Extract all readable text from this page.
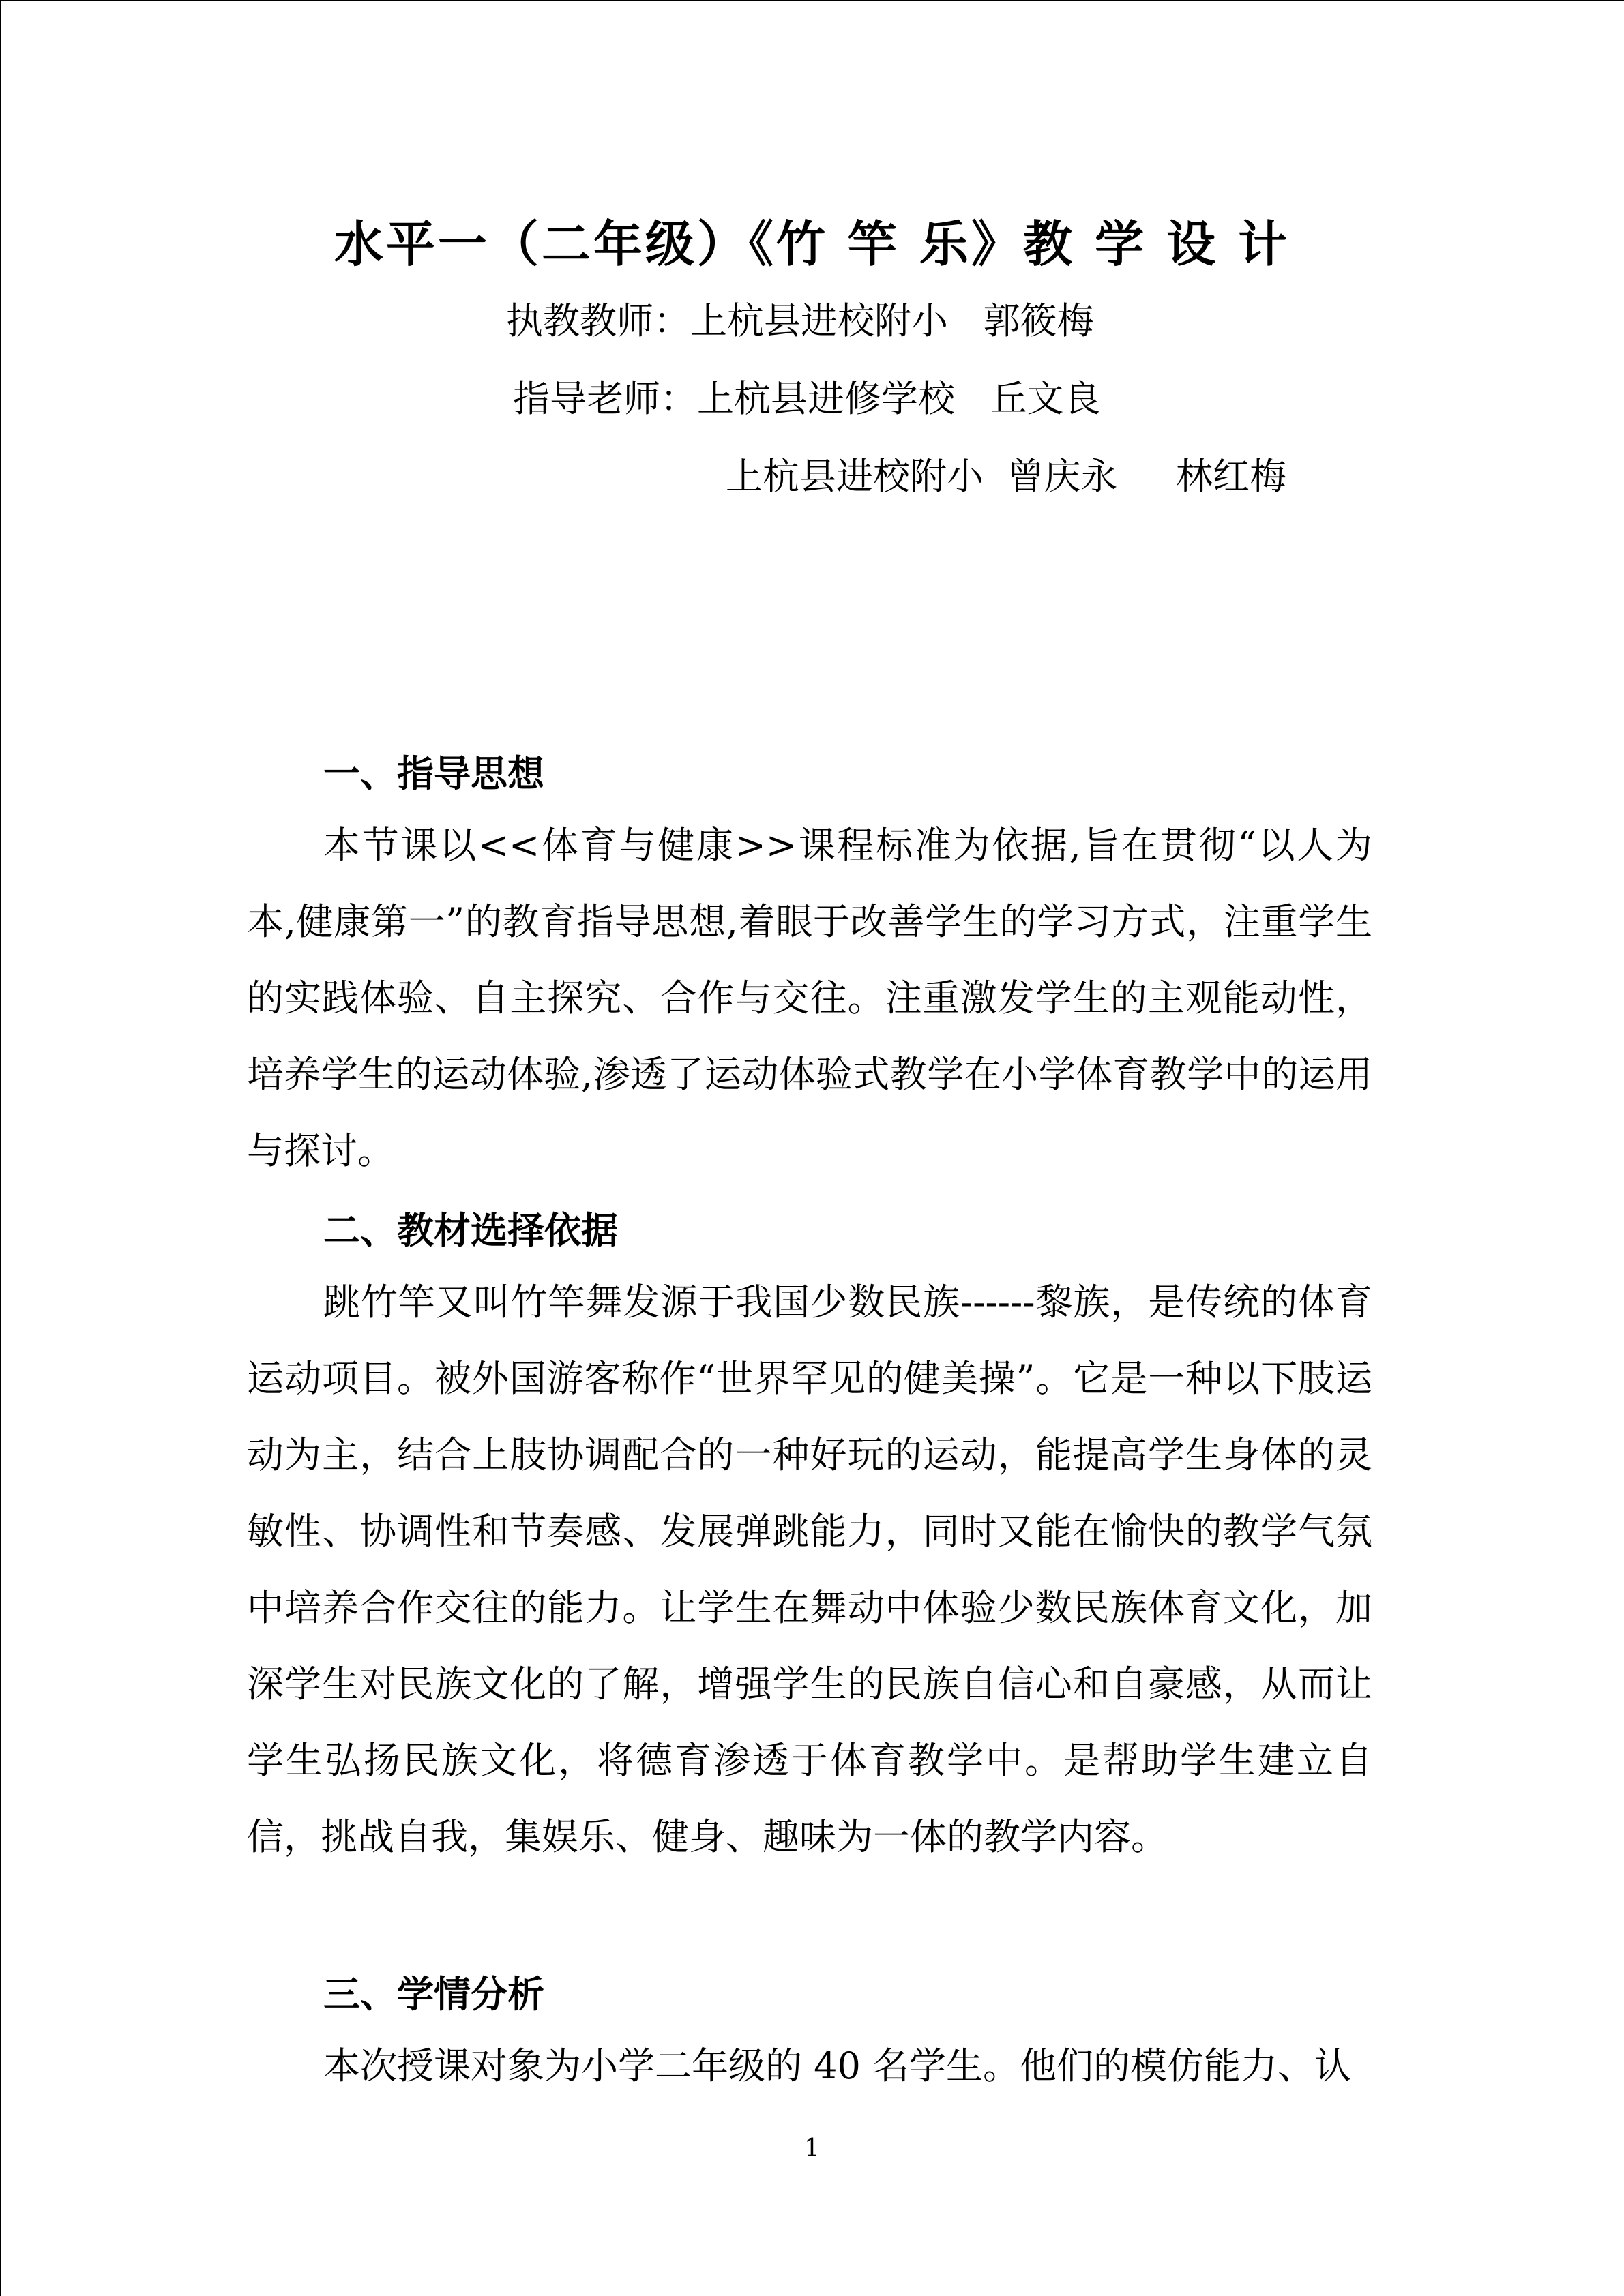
水平一（二年级）《竹 竿 乐》教 学 设 计
执教教师：上杭县进校附小   郭筱梅
指导老师：上杭县进修学校   丘文良
上杭县进校附小  曾庆永     林红梅
一、指导思想

本节课以<<体育与健康>>课程标准为依据,旨在贯彻“以人为本,健康第一”的教育指导思想,着眼于改善学生的学习方式，注重学生的实践体验、自主探究、合作与交往。注重激发学生的主观能动性，培养学生的运动体验,渗透了运动体验式教学在小学体育教学中的运用与探讨。

二、教材选择依据

跳竹竿又叫竹竿舞发源于我国少数民族------黎族，是传统的体育运动项目。被外国游客称作“世界罕见的健美操”。它是一种以下肢运动为主，结合上肢协调配合的一种好玩的运动，能提高学生身体的灵敏性、协调性和节奏感、发展弹跳能力，同时又能在愉快的教学气氛中培养合作交往的能力。让学生在舞动中体验少数民族体育文化，加深学生对民族文化的了解，增强学生的民族自信心和自豪感，从而让学生弘扬民族文化，将德育渗透于体育教学中。是帮助学生建立自信，挑战自我，集娱乐、健身、趣味为一体的教学内容。

三、学情分析

本次授课对象为小学二年级的 40 名学生。他们的模仿能力、认

1
